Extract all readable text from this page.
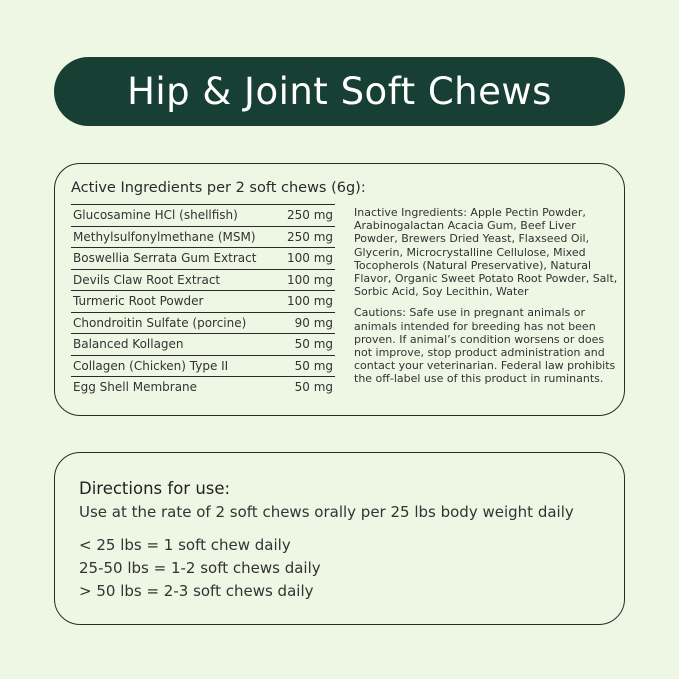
Hip & Joint Soft Chews
Active Ingredients per 2 soft chews (6g):
Glucosamine HCl (shellfish)	250 mg
Methylsulfonylmethane (MSM)	250 mg
Boswellia Serrata Gum Extract	100 mg
Devils Claw Root Extract	100 mg
Turmeric Root Powder	100 mg
Chondroitin Sulfate (porcine)	90 mg
Balanced Kollagen	50 mg
Collagen (Chicken) Type II	50 mg
Egg Shell Membrane	50 mg

Inactive Ingredients: Apple Pectin Powder, Arabinogalactan Acacia Gum, Beef Liver Powder, Brewers Dried Yeast, Flaxseed Oil, Glycerin, Microcrystalline Cellulose, Mixed Tocopherols (Natural Preservative), Natural Flavor, Organic Sweet Potato Root Powder, Salt, Sorbic Acid, Soy Lecithin, Water

Cautions: Safe use in pregnant animals or animals intended for breeding has not been proven. If animal’s condition worsens or does not improve, stop product administration and contact your veterinarian. Federal law prohibits the off-label use of this product in ruminants.

Directions for use:
Use at the rate of 2 soft chews orally per 25 lbs body weight daily
< 25 lbs = 1 soft chew daily
25-50 lbs = 1-2 soft chews daily
> 50 lbs = 2-3 soft chews daily
